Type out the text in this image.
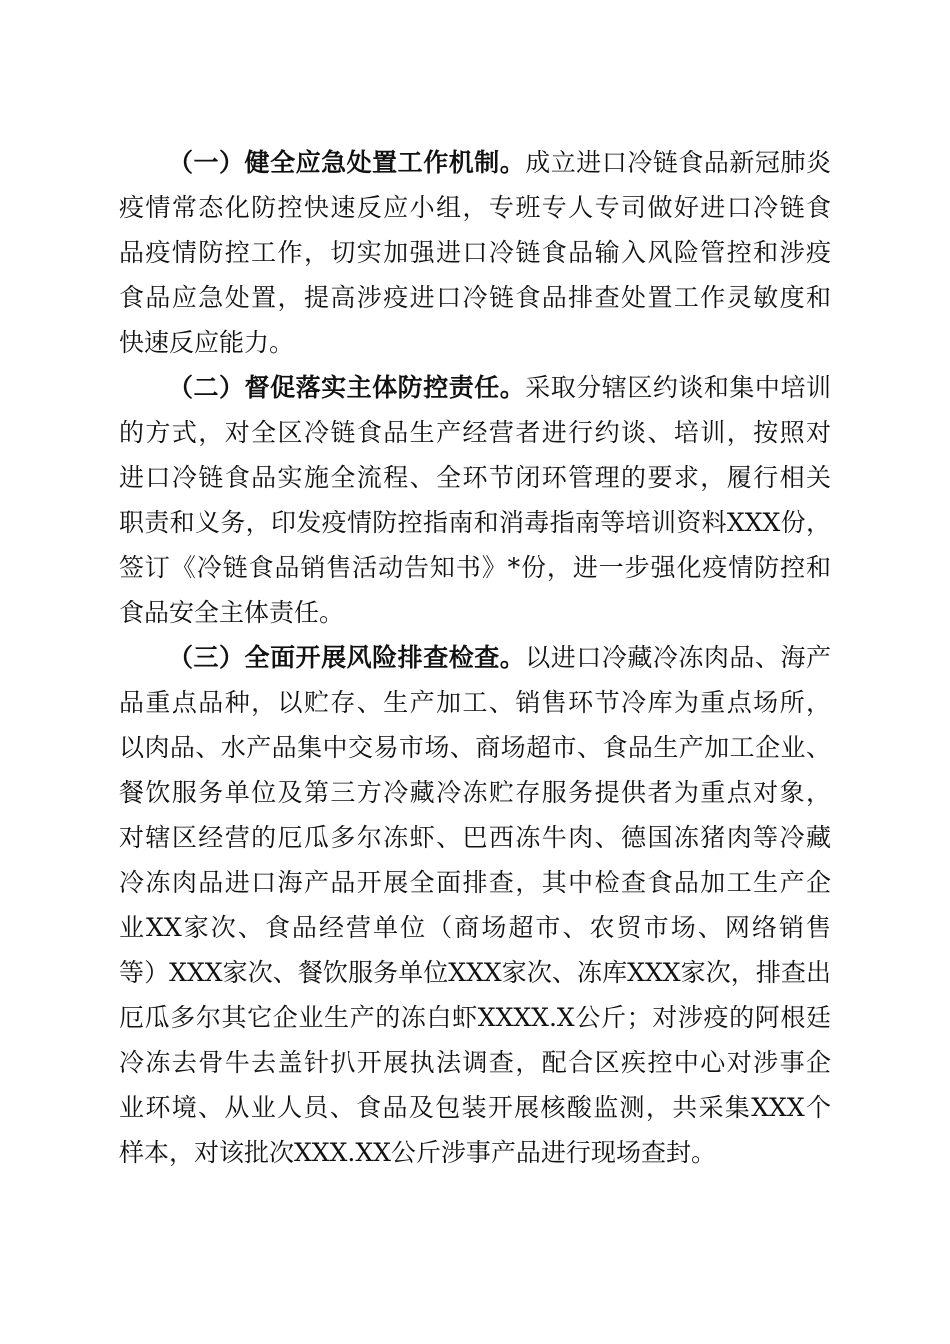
（一）健全应急处置工作机制。成立进口冷链食品新冠肺炎
疫情常态化防控快速反应小组，专班专人专司做好进口冷链食
品疫情防控工作，切实加强进口冷链食品输入风险管控和涉疫
食品应急处置，提高涉疫进口冷链食品排查处置工作灵敏度和
快速反应能力。
（二）督促落实主体防控责任。采取分辖区约谈和集中培训
的方式，对全区冷链食品生产经营者进行约谈、培训，按照对
进口冷链食品实施全流程、全环节闭环管理的要求，履行相关
职责和义务，印发疫情防控指南和消毒指南等培训资料XXX份，
签订《冷链食品销售活动告知书》*份，进一步强化疫情防控和
食品安全主体责任。
（三）全面开展风险排查检查。以进口冷藏冷冻肉品、海产
品重点品种，以贮存、生产加工、销售环节冷库为重点场所，
以肉品、水产品集中交易市场、商场超市、食品生产加工企业、
餐饮服务单位及第三方冷藏冷冻贮存服务提供者为重点对象，
对辖区经营的厄瓜多尔冻虾、巴西冻牛肉、德国冻猪肉等冷藏
冷冻肉品进口海产品开展全面排查，其中检查食品加工生产企
业XX家次、食品经营单位（商场超市、农贸市场、网络销售
等）XXX家次、餐饮服务单位XXX家次、冻库XXX家次，排查出
厄瓜多尔其它企业生产的冻白虾XXXX.X公斤；对涉疫的阿根廷
冷冻去骨牛去盖针扒开展执法调查，配合区疾控中心对涉事企
业环境、从业人员、食品及包装开展核酸监测，共采集XXX个
样本，对该批次XXX.XX公斤涉事产品进行现场查封。
